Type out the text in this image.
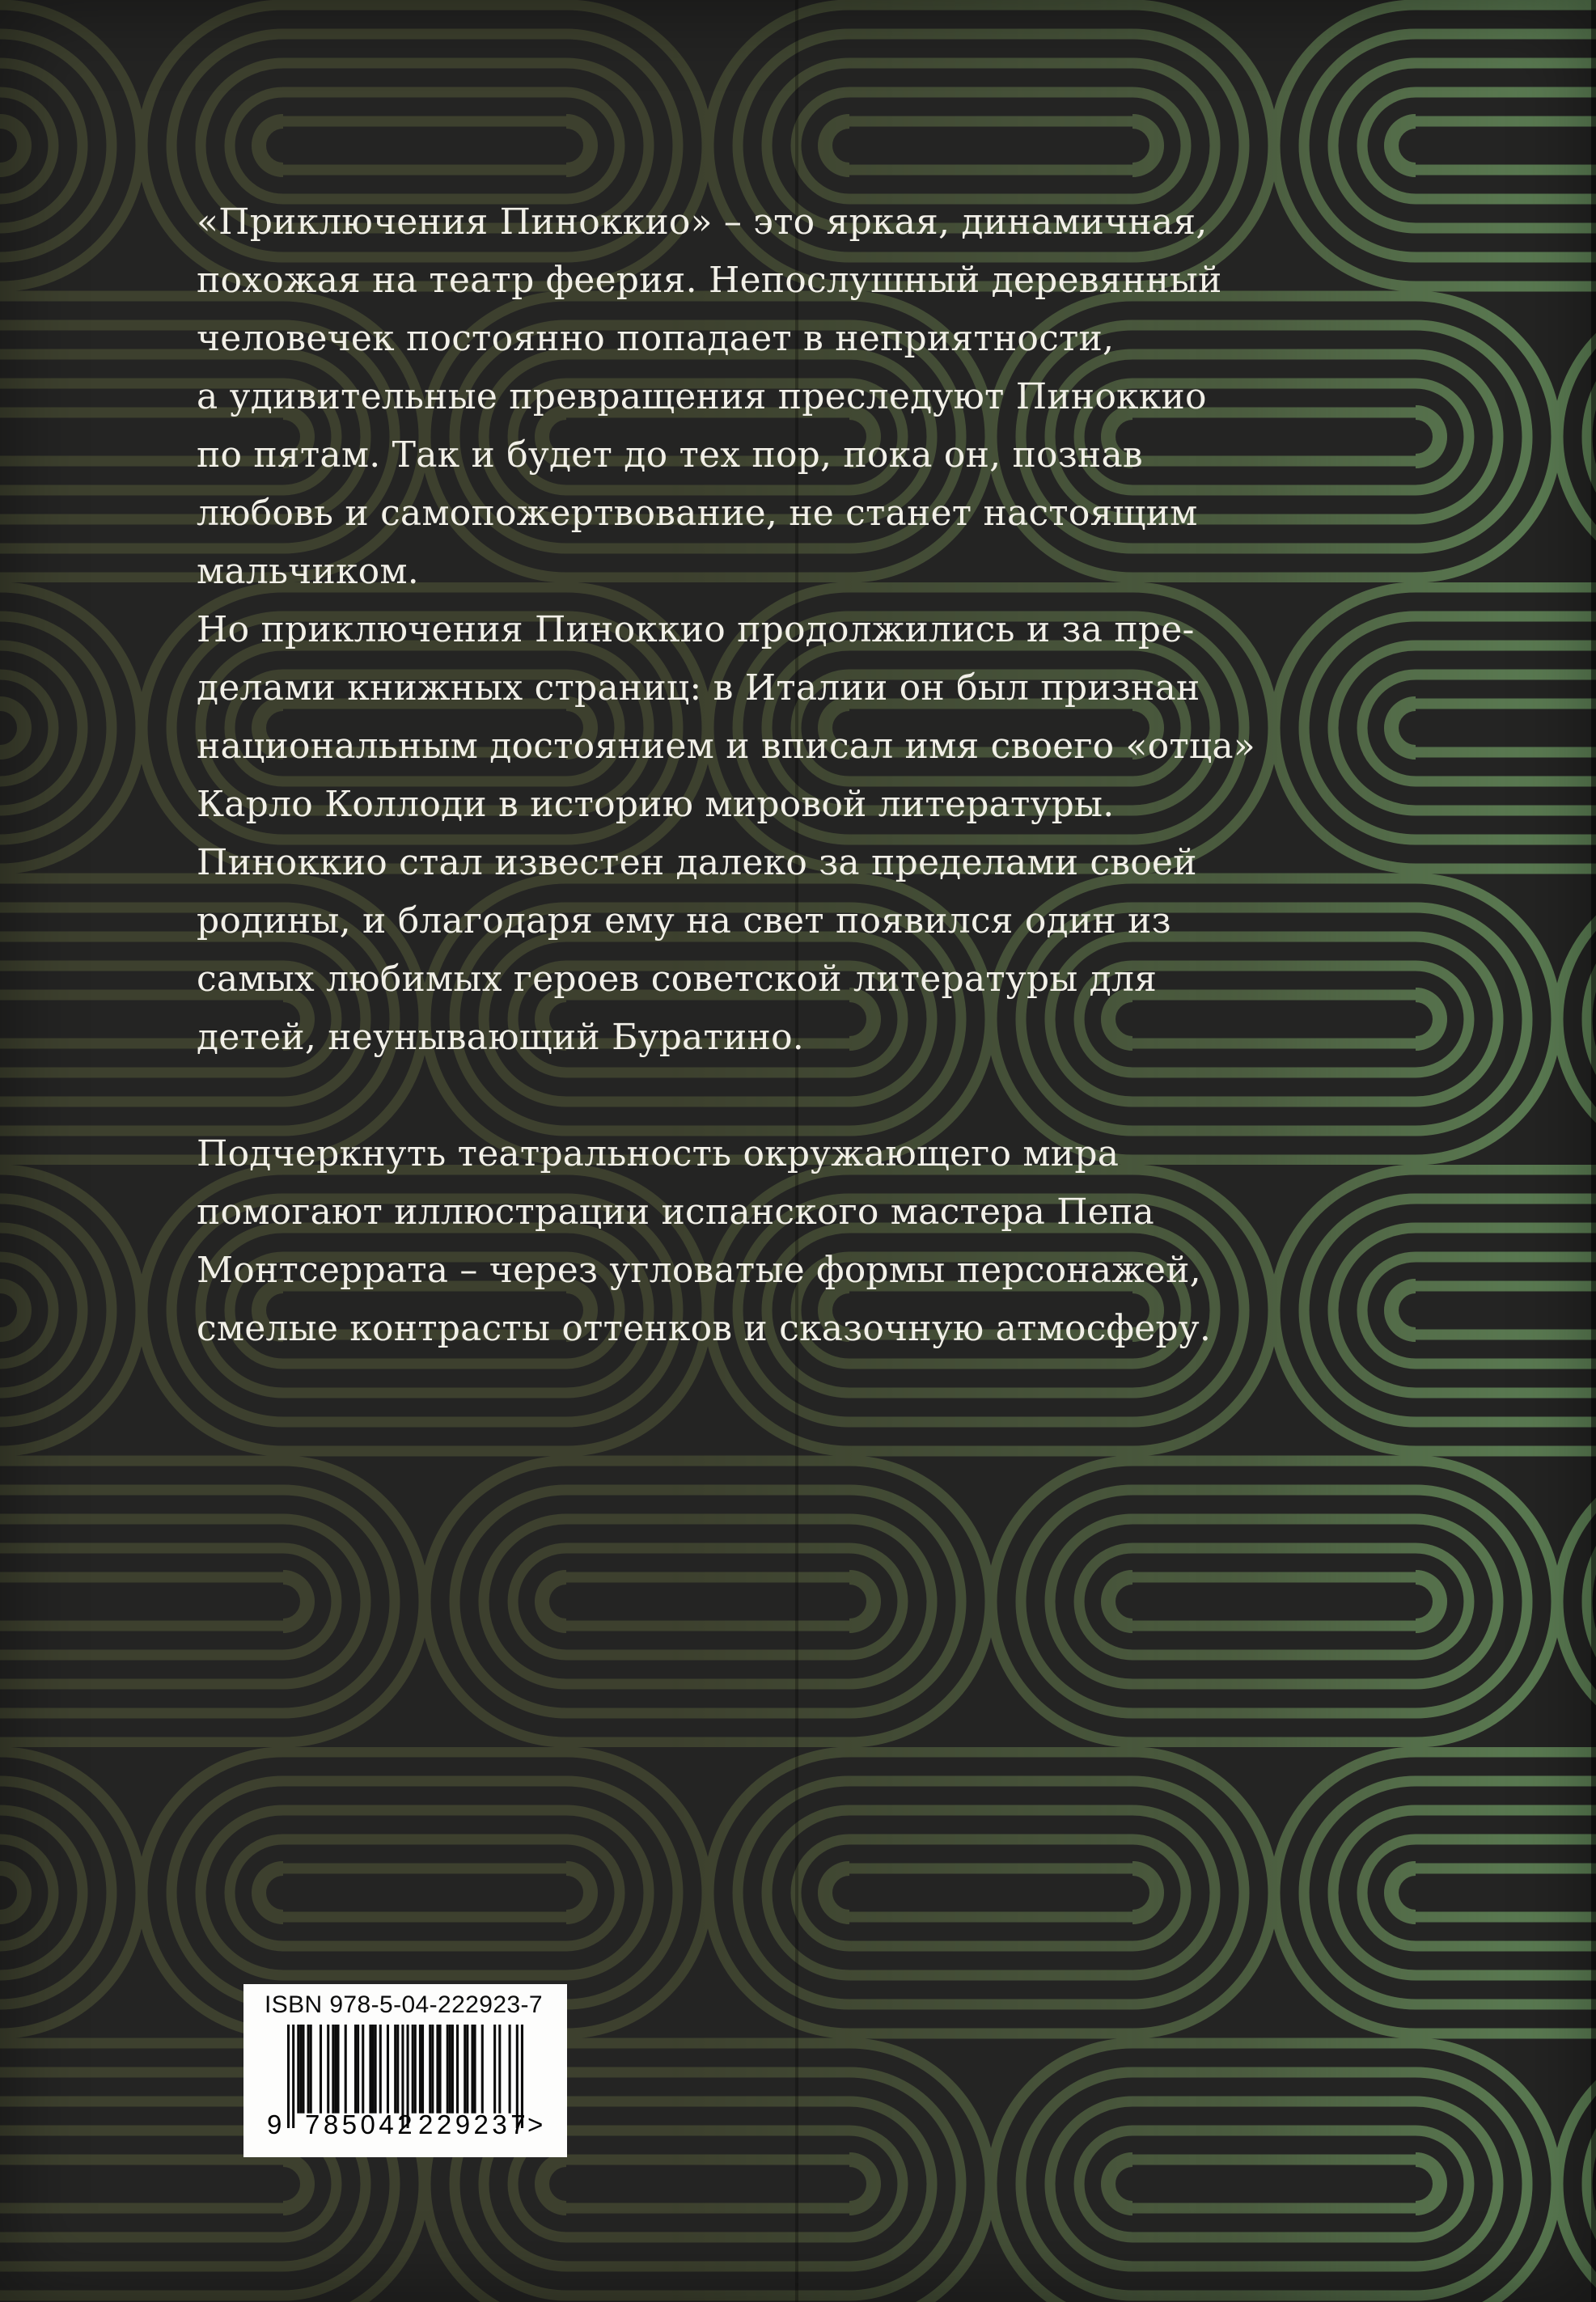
«Приключения Пиноккио» – это яркая, динамичная,
похожая на театр феерия. Непослушный деревянный
человечек постоянно попадает в неприятности,
а удивительные превращения преследуют Пиноккио
по пятам. Так и будет до тех пор, пока он, познав
любовь и самопожертвование, не станет настоящим
мальчиком.
Но приключения Пиноккио продолжились и за пре-
делами книжных страниц: в Италии он был признан
национальным достоянием и вписал имя своего «отца»
Карло Коллоди в историю мировой литературы.
Пиноккио стал известен далеко за пределами своей
родины, и благодаря ему на свет появился один из
самых любимых героев советской литературы для
детей, неунывающий Буратино.
Подчеркнуть театральность окружающего мира
помогают иллюстрации испанского мастера Пепа
Монтсеррата – через угловатые формы персонажей,
смелые контрасты оттенков и сказочную атмосферу.
ISBN 978-5-04-222923-7
9 785042 229237
>
